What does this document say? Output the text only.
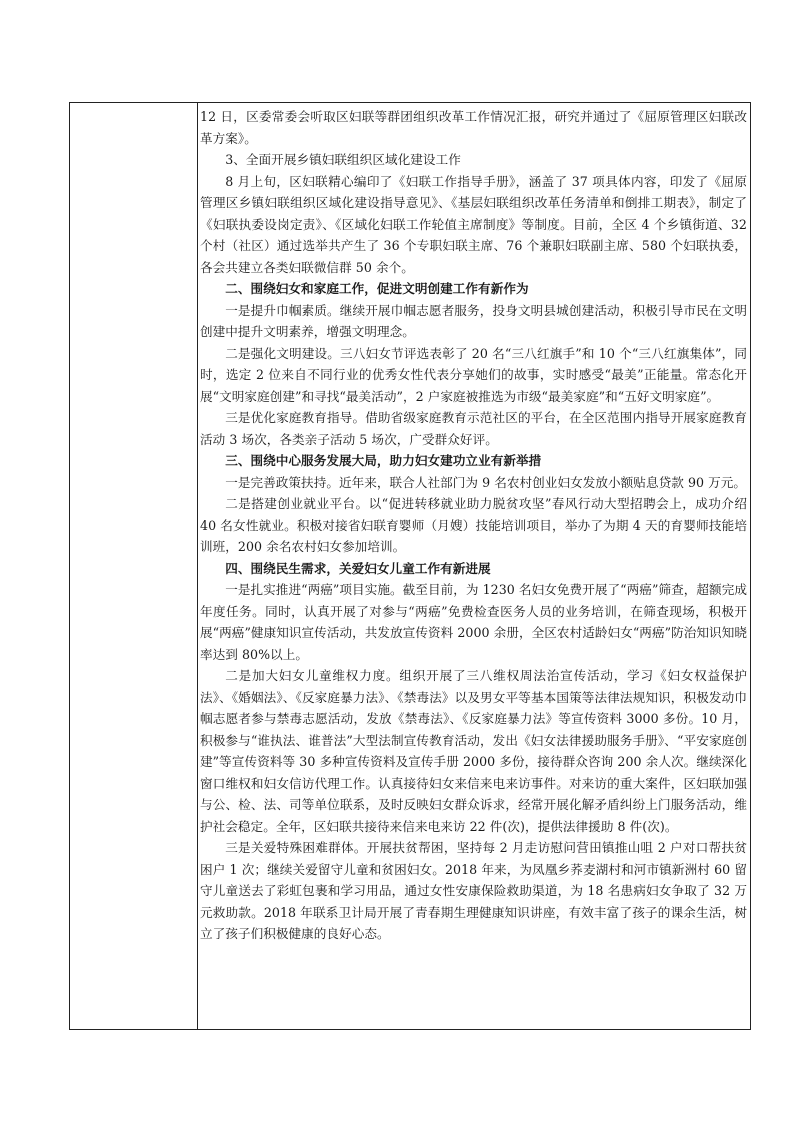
12 日，区委常委会听取区妇联等群团组织改革工作情况汇报，研究并通过了《屈原管理区妇联改革方案》。

3、全面开展乡镇妇联组织区域化建设工作

8 月上旬，区妇联精心编印了《妇联工作指导手册》，涵盖了 37 项具体内容，印发了《屈原管理区乡镇妇联组织区域化建设指导意见》、《基层妇联组织改革任务清单和倒排工期表》，制定了《妇联执委设岗定责》、《区域化妇联工作轮值主席制度》等制度。目前，全区 4 个乡镇街道、32 个村（社区）通过选举共产生了 36 个专职妇联主席、76 个兼职妇联副主席、580 个妇联执委，各会共建立各类妇联微信群 50 余个。

二、围绕妇女和家庭工作，促进文明创建工作有新作为

一是提升巾帼素质。继续开展巾帼志愿者服务，投身文明县城创建活动，积极引导市民在文明创建中提升文明素养，增强文明理念。

二是强化文明建设。三八妇女节评选表彰了 20 名“三八红旗手”和 10 个“三八红旗集体”，同时，选定 2 位来自不同行业的优秀女性代表分享她们的故事，实时感受“最美”正能量。常态化开展“文明家庭创建”和寻找“最美活动”，2 户家庭被推选为市级“最美家庭”和“五好文明家庭”。

三是优化家庭教育指导。借助省级家庭教育示范社区的平台，在全区范围内指导开展家庭教育活动 3 场次，各类亲子活动 5 场次，广受群众好评。

三、围绕中心服务发展大局，助力妇女建功立业有新举措

一是完善政策扶持。近年来，联合人社部门为 9 名农村创业妇女发放小额贴息贷款 90 万元。

二是搭建创业就业平台。以“促进转移就业助力脱贫攻坚”春风行动大型招聘会上，成功介绍 40 名女性就业。积极对接省妇联育婴师（月嫂）技能培训项目，举办了为期 4 天的育婴师技能培训班，200 余名农村妇女参加培训。

四、围绕民生需求，关爱妇女儿童工作有新进展

一是扎实推进“两癌”项目实施。截至目前，为 1230 名妇女免费开展了“两癌”筛查，超额完成年度任务。同时，认真开展了对参与“两癌”免费检查医务人员的业务培训，在筛查现场，积极开展“两癌”健康知识宣传活动，共发放宣传资料 2000 余册，全区农村适龄妇女“两癌”防治知识知晓率达到 80%以上。

二是加大妇女儿童维权力度。组织开展了三八维权周法治宣传活动，学习《妇女权益保护法》、《婚姻法》、《反家庭暴力法》、《禁毒法》以及男女平等基本国策等法律法规知识，积极发动巾帼志愿者参与禁毒志愿活动，发放《禁毒法》、《反家庭暴力法》等宣传资料 3000 多份。10 月，积极参与“谁执法、谁普法”大型法制宣传教育活动，发出《妇女法律援助服务手册》、“平安家庭创建”等宣传资料等 30 多种宣传资料及宣传手册 2000 多份，接待群众咨询 200 余人次。继续深化窗口维权和妇女信访代理工作。认真接待妇女来信来电来访事件。对来访的重大案件，区妇联加强与公、检、法、司等单位联系，及时反映妇女群众诉求，经常开展化解矛盾纠纷上门服务活动，维护社会稳定。全年，区妇联共接待来信来电来访 22 件(次)，提供法律援助 8 件(次)。

三是关爱特殊困难群体。开展扶贫帮困，坚持每 2 月走访慰问营田镇推山咀 2 户对口帮扶贫困户 1 次；继续关爱留守儿童和贫困妇女。2018 年来，为凤凰乡荞麦湖村和河市镇新洲村 60 留守儿童送去了彩虹包裹和学习用品，通过女性安康保险救助渠道，为 18 名患病妇女争取了 32 万元救助款。2018 年联系卫计局开展了青春期生理健康知识讲座，有效丰富了孩子的课余生活，树立了孩子们积极健康的良好心态。
